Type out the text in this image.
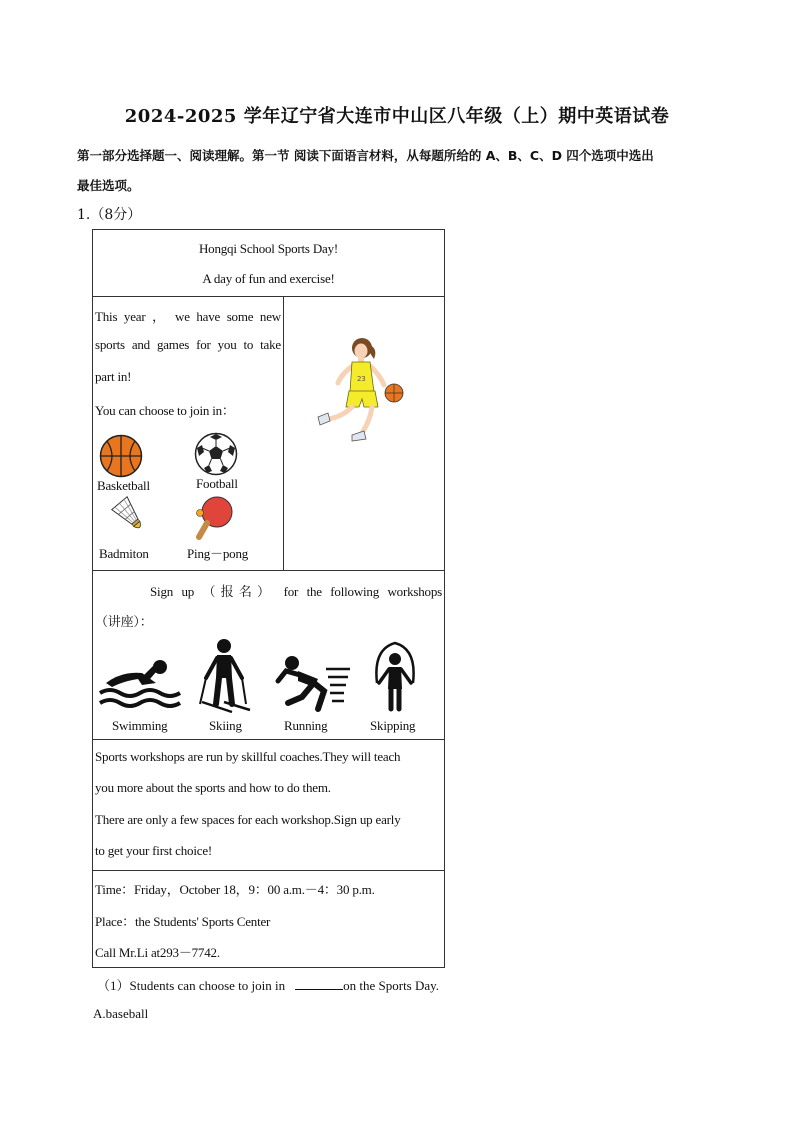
2024-2025 学年辽宁省大连市中山区八年级（上）期中英语试卷
第一部分选择题一、阅读理解。第一节 阅读下面语言材料，从每题所给的 A、B、C、D 四个选项中选出
最佳选项。
1.（8分）
Hongqi School Sports Day!
A day of fun and exercise!
This year ， we have some new
sports and games for you to take
part in!
You can choose to join in：
Basketball	Football
Badmiton	Ping－pong
23
Sign up （报名） for the following workshops
（讲座）：
Swimming	Skiing	Running	Skipping
Sports workshops are run by skillful coaches.They will teach
you more about the sports and how to do them.
There are only a few spaces for each workshop.Sign up early
to get your first choice!
Time：Friday，October 18，9：00 a.m.－4：30 p.m.
Place：the Students' Sports Center
Call Mr.Li at293－7742.
（1）Students can choose to join in	on the Sports Day.
A.baseball
